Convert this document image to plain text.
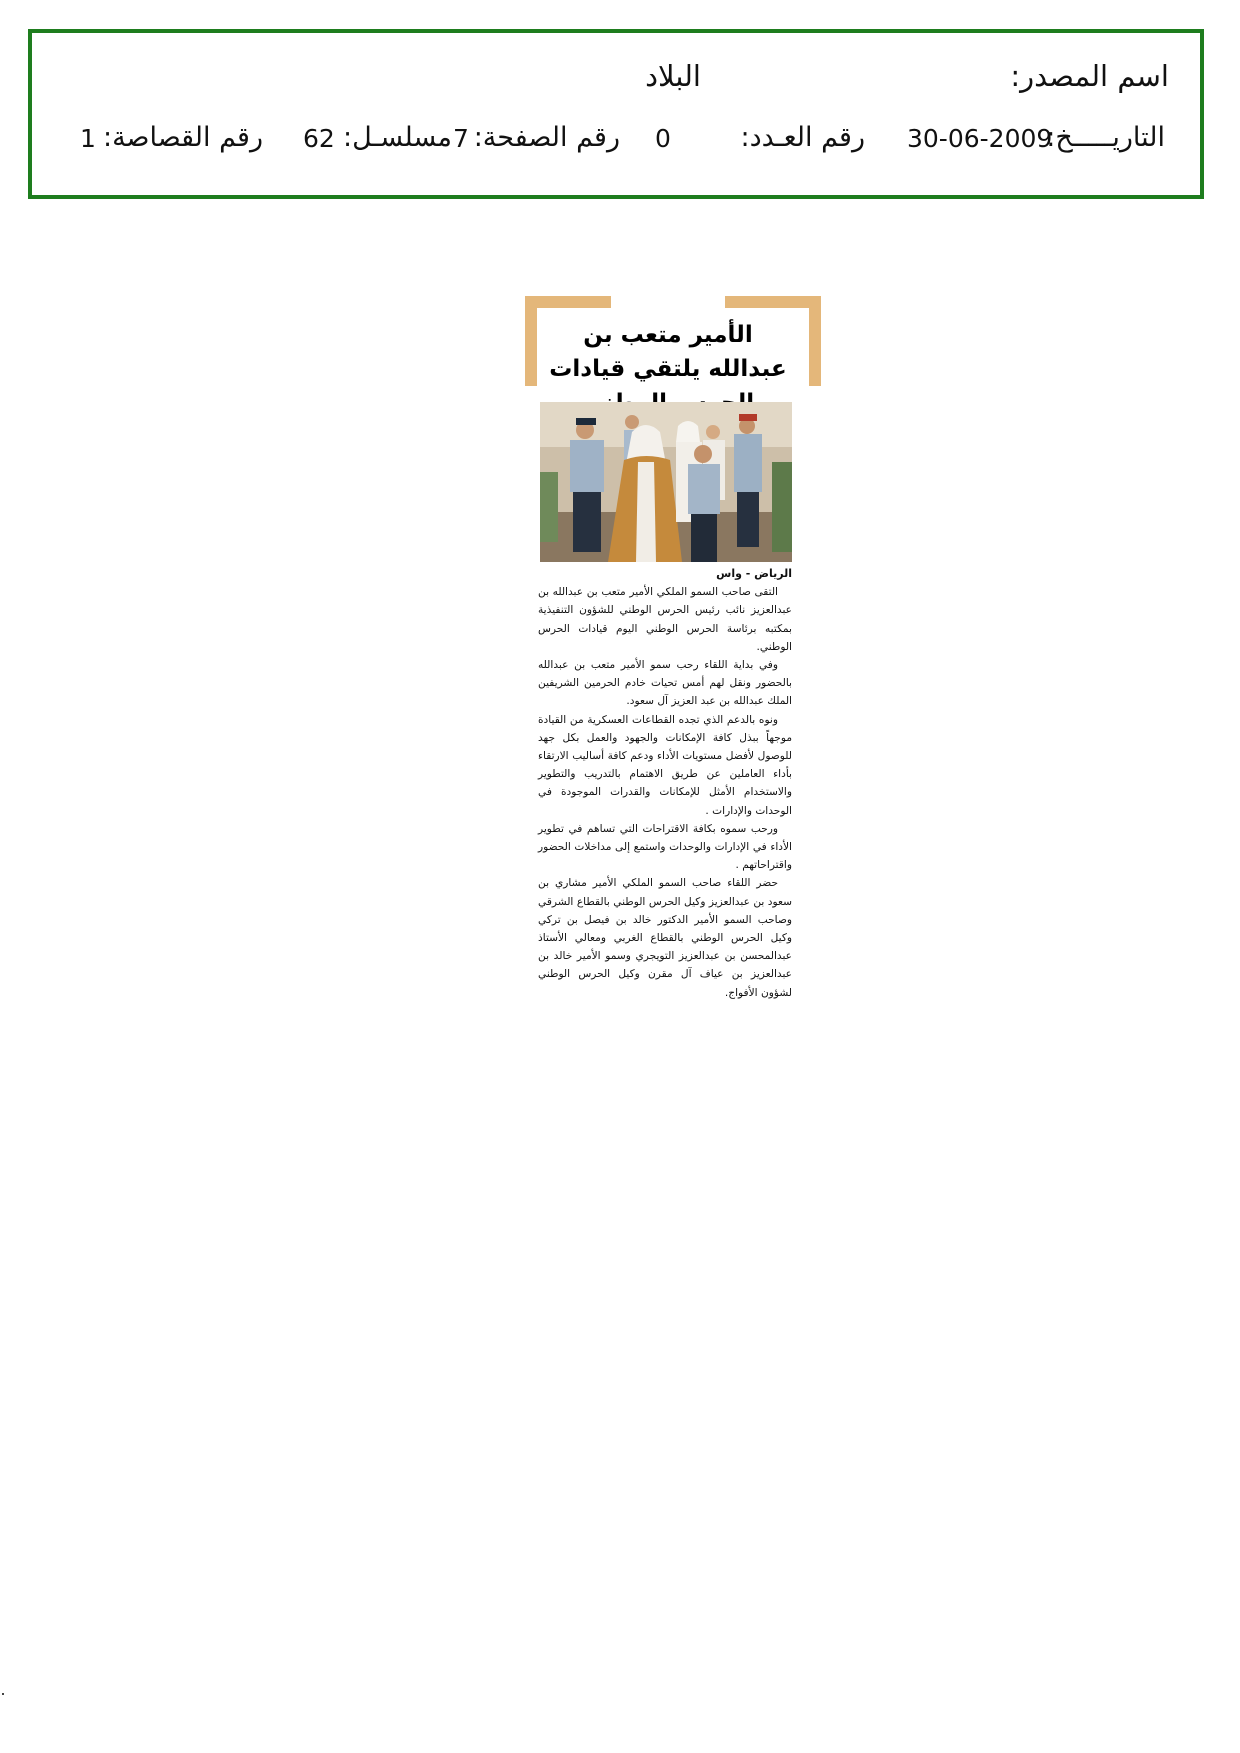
اسم المصدر:
البلاد
التاريـــــخ:
30-06-2009
رقم العـدد:
0
رقم الصفحة:
7
مسلسـل:
62
رقم القصاصة:
1
الأمير متعب بن عبدالله يلتقي قيادات

الرياض - واس

التقى صاحب السمو الملكي الأمير متعب بن عبدالله بن عبدالعزيز نائب رئيس الحرس الوطني للشؤون التنفيذية بمكتبه برئاسة الحرس الوطني اليوم قيادات الحرس الوطني.

وفي بداية اللقاء رحب سمو الأمير متعب بن عبدالله بالحضور ونقل لهم أمس تحيات خادم الحرمين الشريفين الملك عبدالله بن عبد العزيز آل سعود.

ونوه بالدعم الذي تجده القطاعات العسكرية من القيادة موجهاً ببذل كافة الإمكانات والجهود والعمل بكل جهد للوصول لأفضل مستويات الأداء ودعم كافة أساليب الارتقاء بأداء العاملين عن طريق الاهتمام بالتدريب والتطوير والاستخدام الأمثل للإمكانات والقدرات الموجودة في الوحدات والإدارات .

ورحب سموه بكافة الاقتراحات التي تساهم في تطوير الأداء في الإدارات والوحدات واستمع إلى مداخلات الحضور واقتراحاتهم .

حضر اللقاء صاحب السمو الملكي الأمير مشاري بن سعود بن عبدالعزيز وكيل الحرس الوطني بالقطاع الشرقي وصاحب السمو الأمير الدكتور خالد بن فيصل بن تركي وكيل الحرس الوطني بالقطاع الغربي ومعالي الأستاذ عبدالمحسن بن عبدالعزيز التويجري وسمو الأمير خالد بن عبدالعزيز بن عياف آل مقرن وكيل الحرس الوطني لشؤون الأفواج.
